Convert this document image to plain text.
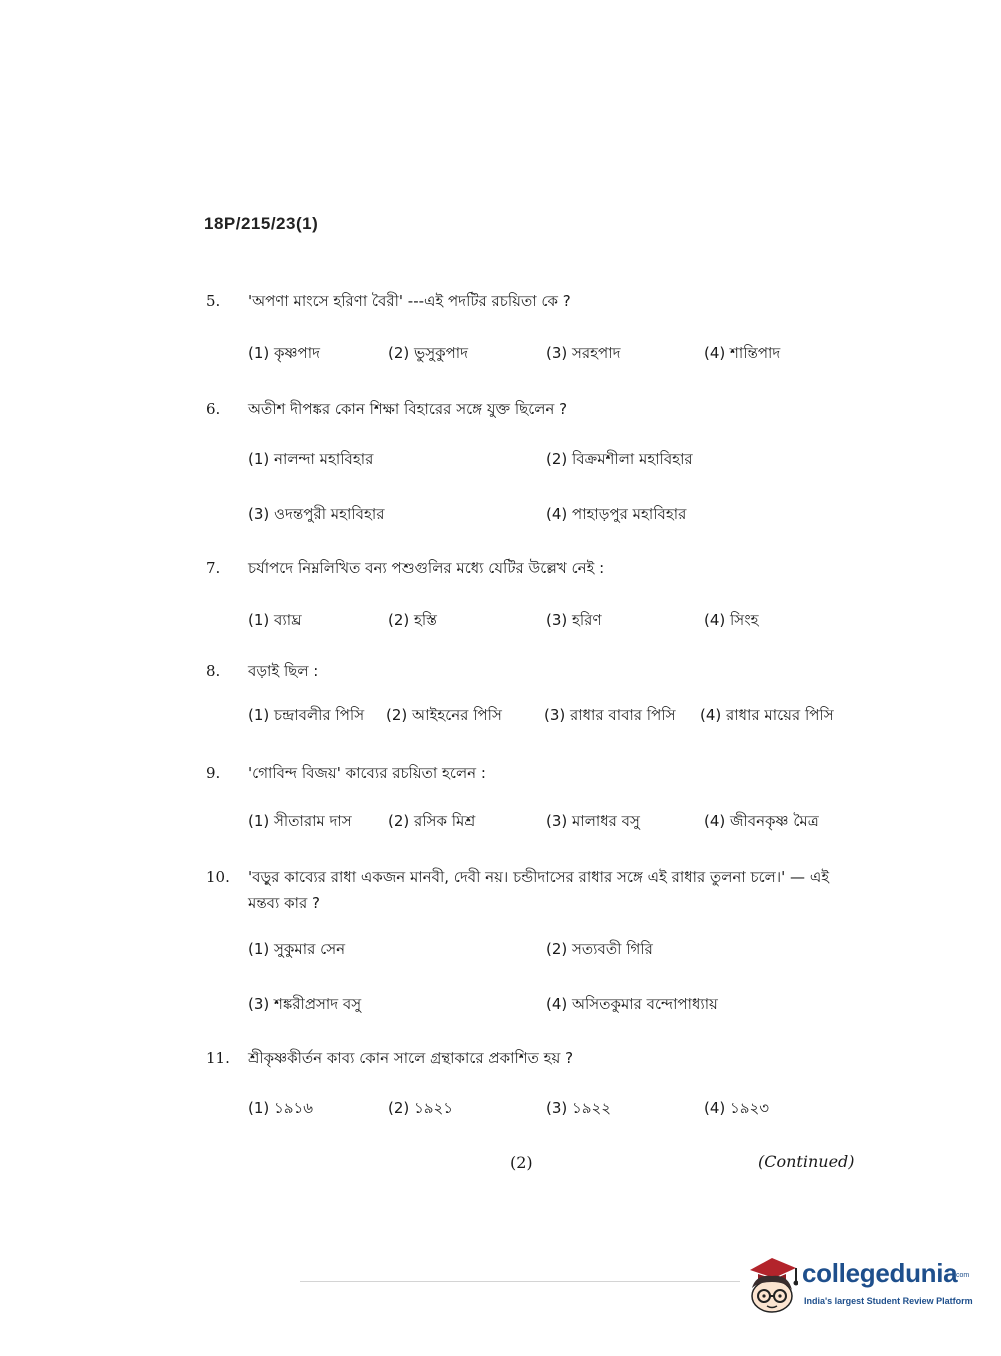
18P/215/23(1)
5.	'অপণা মাংসে হরিণা বৈরী' ---এই পদটির রচয়িতা কে ?
(1) কৃষ্ণপাদ	(2) ভুসুকুপাদ	(3) সরহপাদ	(4) শান্তিপাদ
6.	অতীশ দীপঙ্কর কোন শিক্ষা বিহারের সঙ্গে যুক্ত ছিলেন ?
(1) নালন্দা মহাবিহার	(2) বিক্রমশীলা মহাবিহার
(3) ওদন্তপুরী মহাবিহার	(4) পাহাড়পুর মহাবিহার
7.	চর্যাপদে নিম্নলিখিত বন্য পশুগুলির মধ্যে যেটির উল্লেখ নেই :
(1) ব্যাঘ্র	(2) হস্তি	(3) হরিণ	(4) সিংহ
8.	বড়াই ছিল :
(1) চন্দ্রাবলীর পিসি	(2) আইহনের পিসি	(3) রাধার বাবার পিসি	(4) রাধার মায়ের পিসি
9.	'গোবিন্দ বিজয়' কাব্যের রচয়িতা হলেন :
(1) সীতারাম দাস	(2) রসিক মিশ্র	(3) মালাধর বসু	(4) জীবনকৃষ্ণ মৈত্র
10.	'বড়ুর কাব্যের রাধা একজন মানবী, দেবী নয়। চন্ডীদাসের রাধার সঙ্গে এই রাধার তুলনা চলে।' — এই মন্তব্য কার ?
(1) সুকুমার সেন	(2) সত্যবতী গিরি
(3) শঙ্করীপ্রসাদ বসু	(4) অসিতকুমার বন্দোপাধ্যায়
11.	শ্রীকৃষ্ণকীর্তন কাব্য কোন সালে গ্রন্থাকারে প্রকাশিত হয় ?
(1) ১৯১৬	(2) ১৯২১	(3) ১৯২২	(4) ১৯২৩
(2)	(Continued)
collegedunia
.com
India's largest Student Review Platform
